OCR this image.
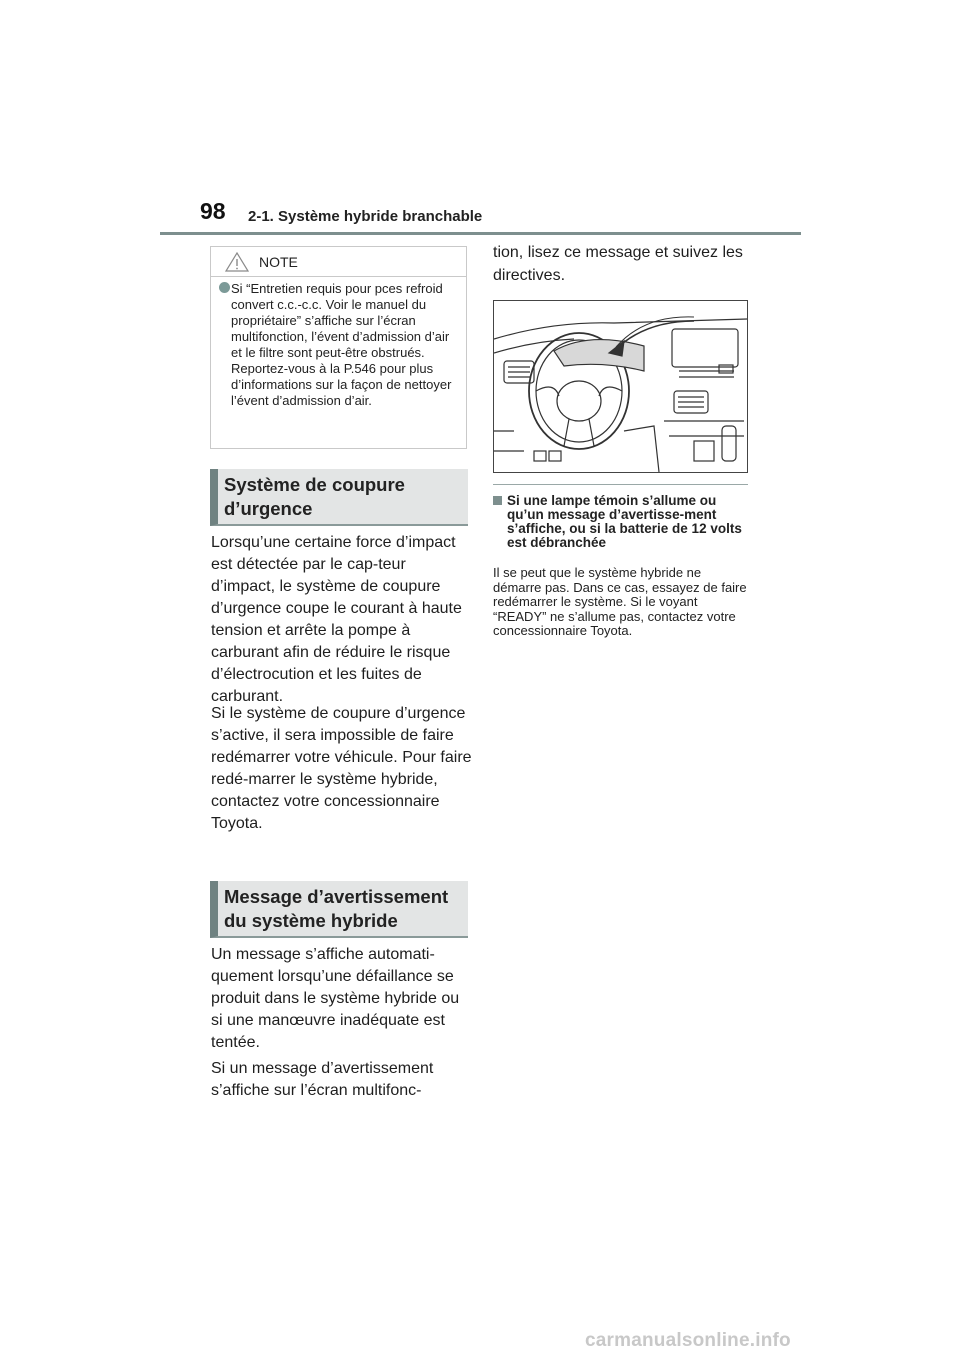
98 2-1. Système hybride branchable
NOTE
Si “Entretien requis pour pces refroid convert c.c.-c.c. Voir le manuel du propriétaire” s’affiche sur l’écran multifonction, l’évent d’admission d’air et le filtre sont peut-être obstrués. Reportez-vous à la P.546 pour plus d’informations sur la façon de nettoyer l’évent d’admission d’air.
Système de coupure d’urgence
Lorsqu’une certaine force d’impact est détectée par le cap-teur d’impact, le système de coupure d’urgence coupe le courant à haute tension et arrête la pompe à carburant afin de réduire le risque d’électrocution et les fuites de carburant.
Si le système de coupure d’urgence s’active, il sera impossible de faire redémarrer votre véhicule. Pour faire redé-marrer le système hybride, contactez votre concessionnaire Toyota.
Message d’avertissement du système hybride
Un message s’affiche automati-quement lorsqu’une défaillance se produit dans le système hybride ou si une manœuvre inadéquate est tentée.
Si un message d’avertissement s’affiche sur l’écran multifonc-
tion, lisez ce message et suivez les directives.
Si une lampe témoin s’allume ou qu’un message d’avertisse-ment s’affiche, ou si la batterie de 12 volts est débranchée
Il se peut que le système hybride ne démarre pas. Dans ce cas, essayez de faire redémarrer le système. Si le voyant “READY” ne s’allume pas, contactez votre concessionnaire Toyota.
carmanualsonline.info
